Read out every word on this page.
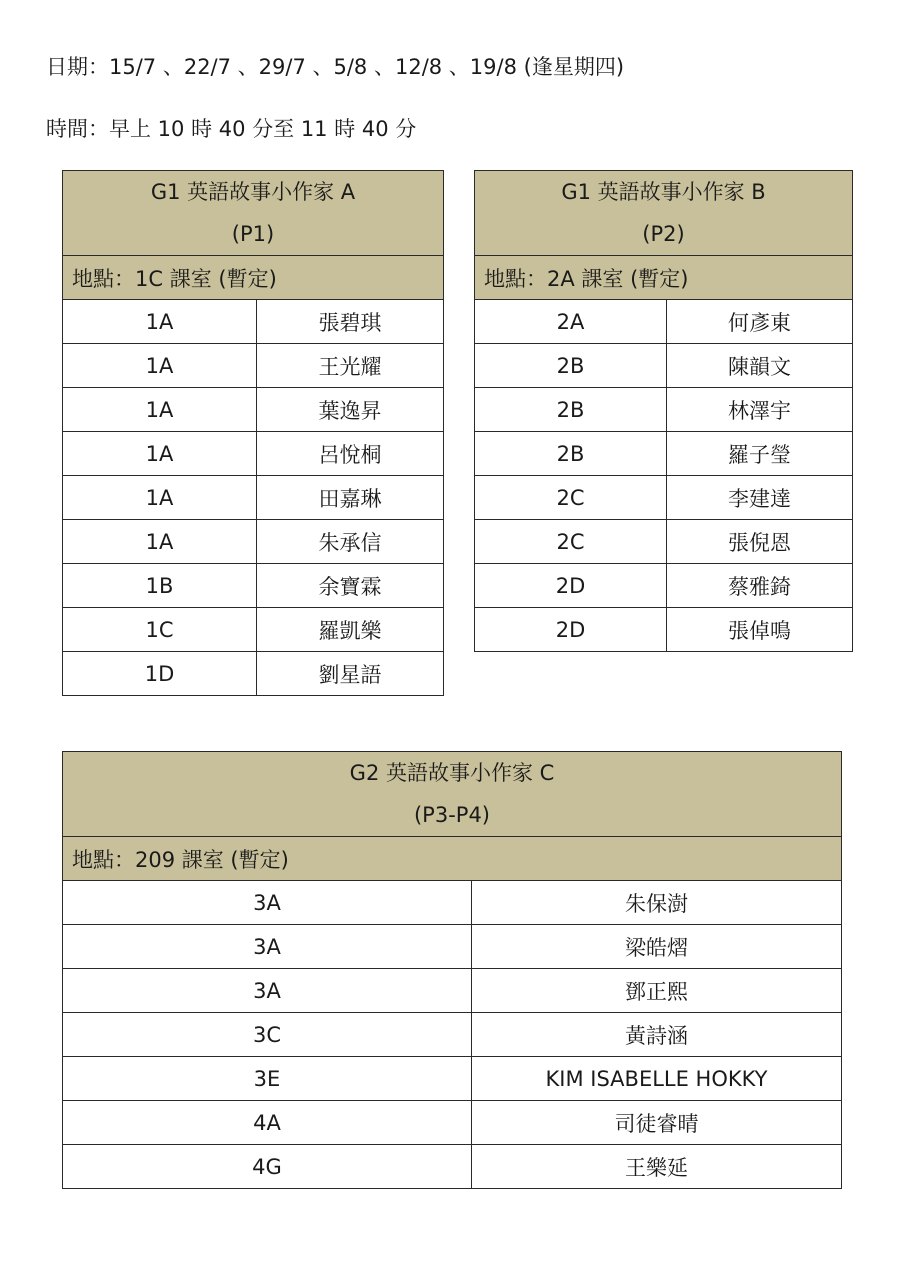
日期：15/7 、22/7 、29/7 、5/8 、12/8 、19/8 (逢星期四)
時間：早上 10 時 40 分至 11 時 40 分
G1 英語故事小作家 A
(P1)	

地點：1C 課室 (暫定)	
1A	張碧琪
1A	王光耀
1A	葉逸昇
1A	呂悅桐
1A	田嘉琳
1A	朱承信
1B	余寶霖
1C	羅凱樂
1D	劉星語
G1 英語故事小作家 B
(P2)	

地點：2A 課室 (暫定)	
2A	何彥東
2B	陳韻文
2B	林澤宇
2B	羅子瑩
2C	李建達
2C	張倪恩
2D	蔡雅錡
2D	張倬鳴
G2 英語故事小作家 C
(P3-P4)	

地點：209 課室 (暫定)	
3A	朱保澍
3A	梁皓熠
3A	鄧正熙
3C	黃詩涵
3E	KIM ISABELLE HOKKY
4A	司徒睿晴
4G	王樂延
